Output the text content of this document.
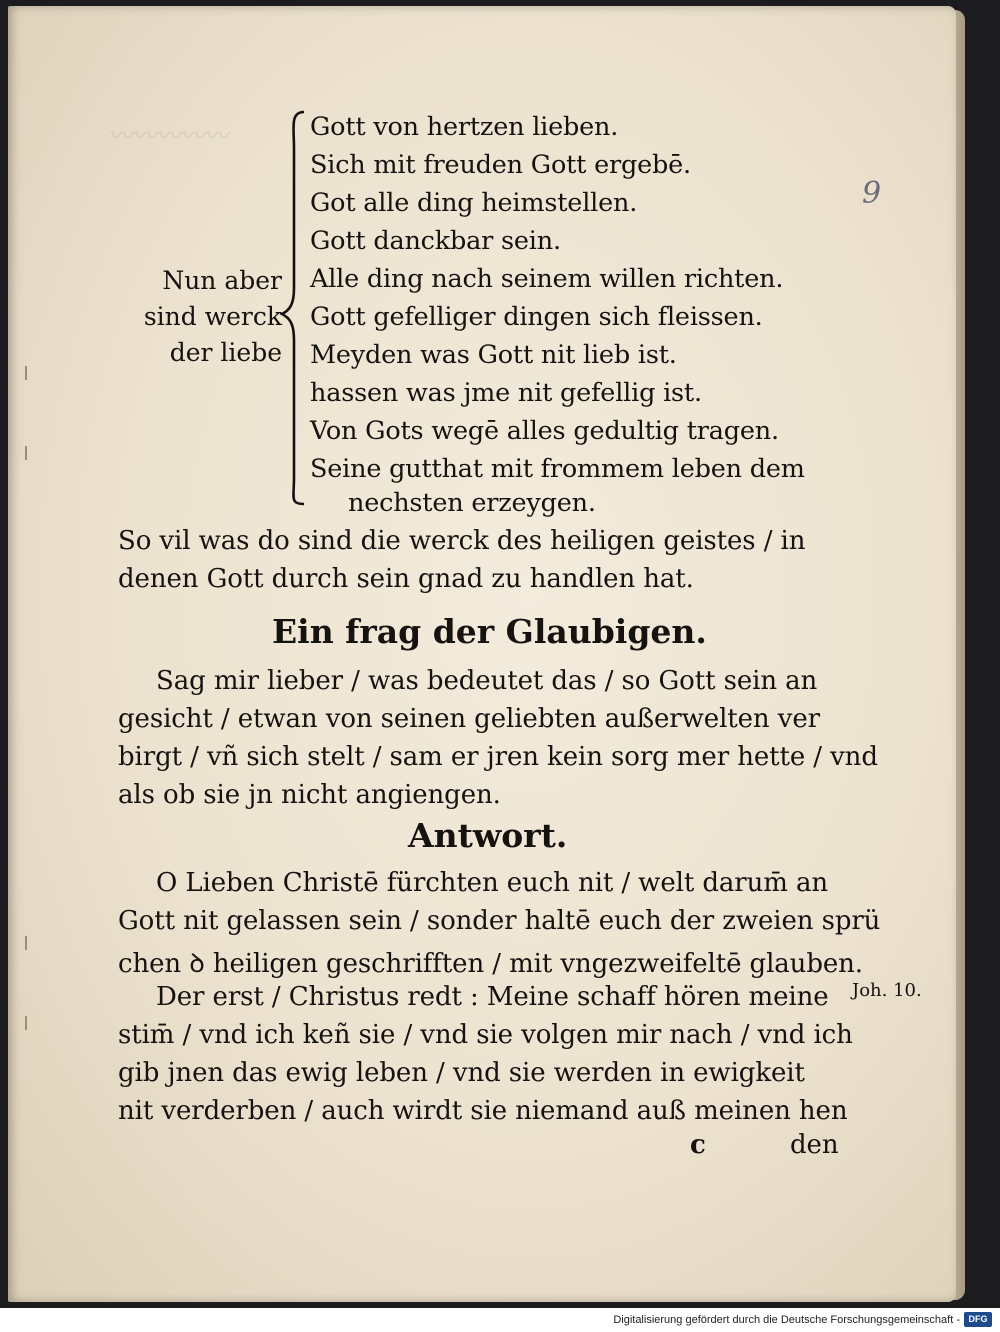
〰〰〰〰〰
9
Nun aber
sind werck
der liebe
Gott von hertzen lieben.
Sich mit freuden Gott ergebē.
Got alle ding heimstellen.
Gott danckbar sein.
Alle ding nach seinem willen richten.
Gott gefelliger dingen sich fleissen.
Meyden was Gott nit lieb ist.
hassen was jme nit gefellig ist.
Von Gots wegē alles gedultig tragen.
Seine gutthat mit frommem leben dem
nechsten erzeygen.
So vil was do sind die werck des heiligen geistes / in
denen Gott durch sein gnad zu handlen hat.
Ein frag der Glaubigen.
Sag mir lieber / was bedeutet das / so Gott sein an
gesicht / etwan von seinen geliebten außerwelten ver
birgt / vñ sich stelt / sam er jren kein sorg mer hette / vnd
als ob sie jn nicht angiengen.
Antwort.
O Lieben Christē fürchten euch nit / welt darum̄ an
Gott nit gelassen sein / sonder haltē euch der zweien sprü
chen ꝺ heiligen geschrifften / mit vngezweifeltē glauben.
Der erst / Christus redt : Meine schaff hören meine
stim̄ / vnd ich keñ sie / vnd sie volgen mir nach / vnd ich
gib jnen das ewig leben / vnd sie werden in ewigkeit
nit verderben / auch wirdt sie niemand auß meinen hen
Joh. 10.
c	den
Digitalisierung gefördert durch die Deutsche Forschungsgemeinschaft - DFG
